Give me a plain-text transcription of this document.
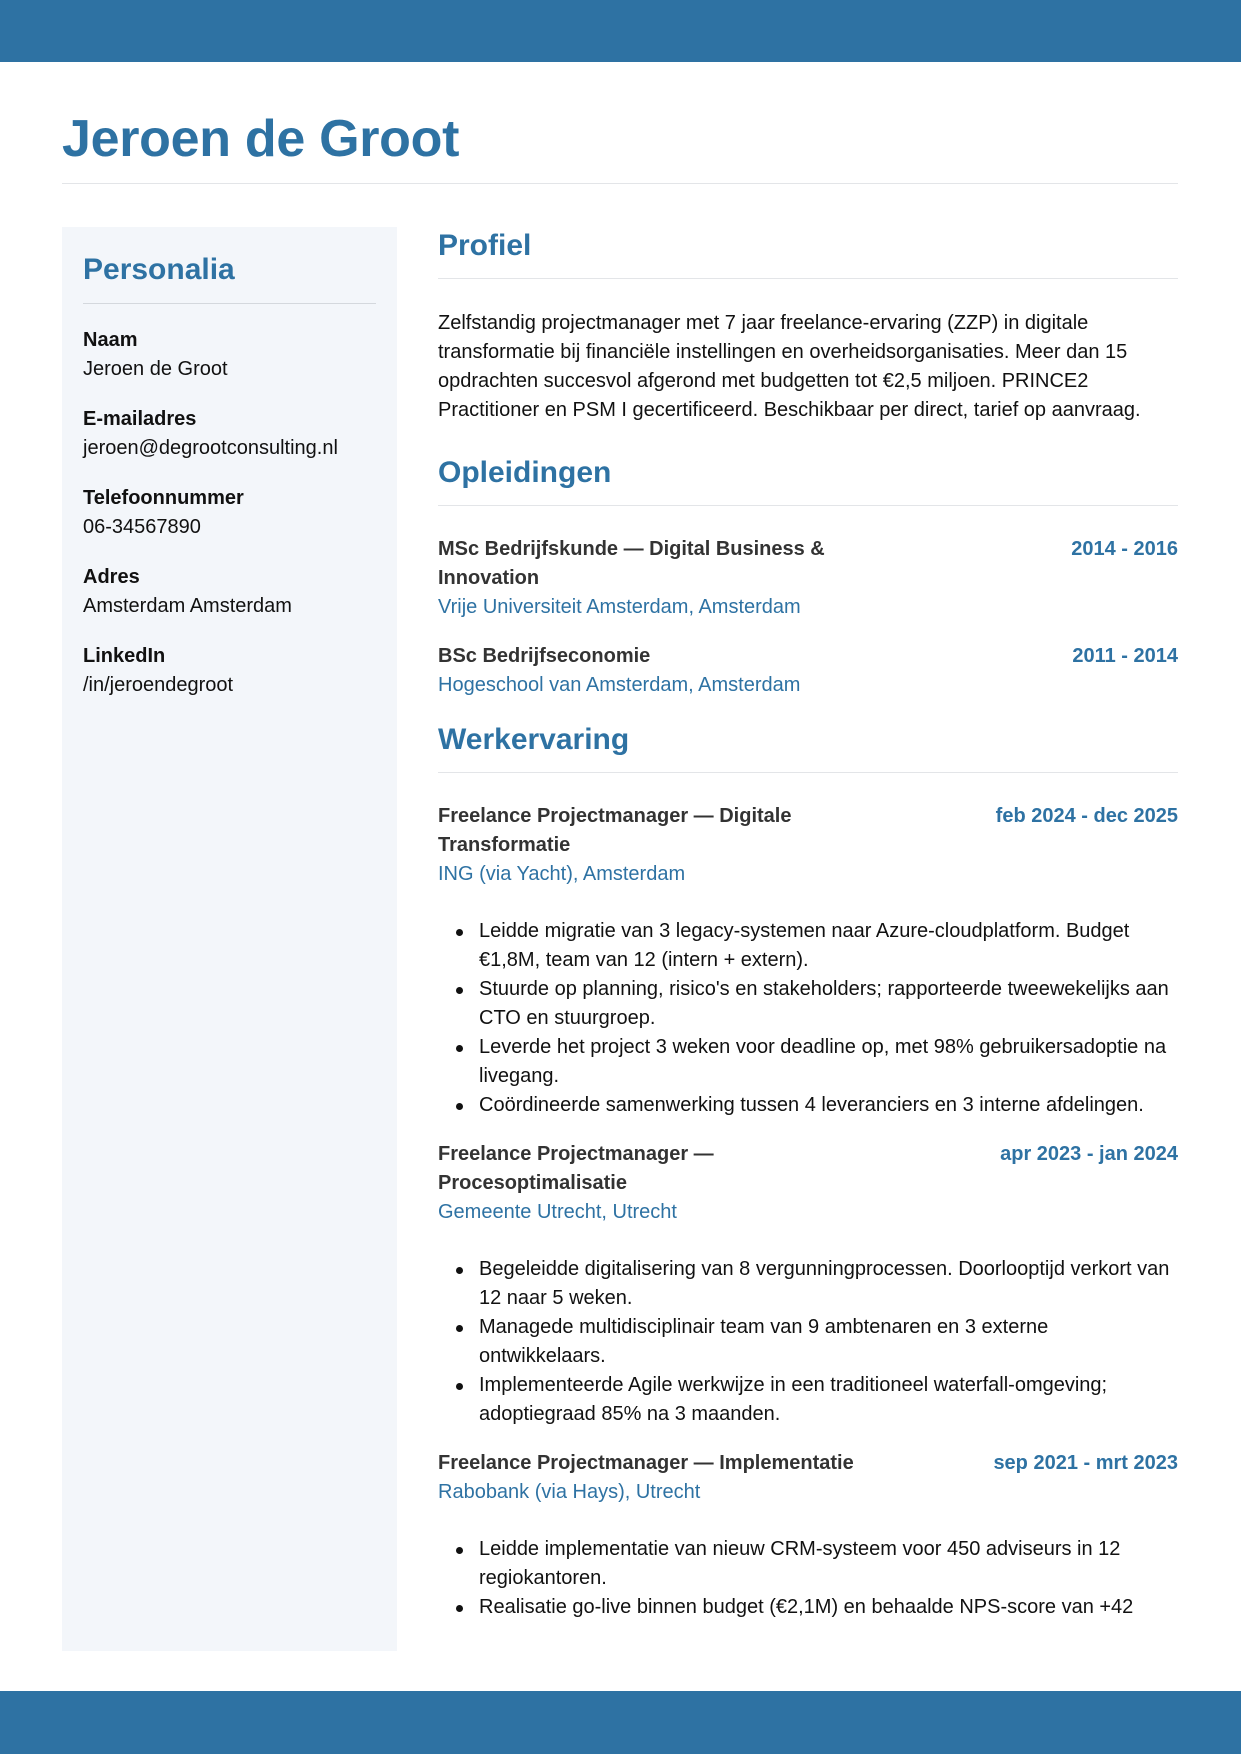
Jeroen de Groot
Personalia
Naam
Jeroen de Groot
E-mailadres
jeroen@degrootconsulting.nl
Telefoonnummer
06-34567890
Adres
Amsterdam Amsterdam
LinkedIn
/in/jeroendegroot
Profiel

Zelfstandig projectmanager met 7 jaar freelance-ervaring (ZZP) in digitale transformatie bij financiële instellingen en overheidsorganisaties. Meer dan 15 opdrachten succesvol afgerond met budgetten tot €2,5 miljoen. PRINCE2 Practitioner en PSM I gecertificeerd. Beschikbaar per direct, tarief op aanvraag.

Opleidingen
MSc Bedrijfskunde — Digital Business & Innovation
2014 - 2016
Vrije Universiteit Amsterdam, Amsterdam
BSc Bedrijfseconomie	2011 - 2014
Hogeschool van Amsterdam, Amsterdam
Werkervaring
Freelance Projectmanager — Digitale Transformatie
feb 2024 - dec 2025
ING (via Yacht), Amsterdam
Leidde migratie van 3 legacy-systemen naar Azure-cloudplatform. Budget €1,8M, team van 12 (intern + extern).
Stuurde op planning, risico's en stakeholders; rapporteerde tweewekelijks aan CTO en stuurgroep.
Leverde het project 3 weken voor deadline op, met 98% gebruikersadoptie na livegang.
Coördineerde samenwerking tussen 4 leveranciers en 3 interne afdelingen.
Freelance Projectmanager — Procesoptimalisatie
apr 2023 - jan 2024
Gemeente Utrecht, Utrecht
Begeleidde digitalisering van 8 vergunningprocessen. Doorlooptijd verkort van 12 naar 5 weken.
Managede multidisciplinair team van 9 ambtenaren en 3 externe ontwikkelaars.
Implementeerde Agile werkwijze in een traditioneel waterfall-omgeving; adoptiegraad 85% na 3 maanden.
Freelance Projectmanager — Implementatie	sep 2021 - mrt 2023
Rabobank (via Hays), Utrecht
Leidde implementatie van nieuw CRM-systeem voor 450 adviseurs in 12 regiokantoren.
Realisatie go-live binnen budget (€2,1M) en behaalde NPS-score van +42
